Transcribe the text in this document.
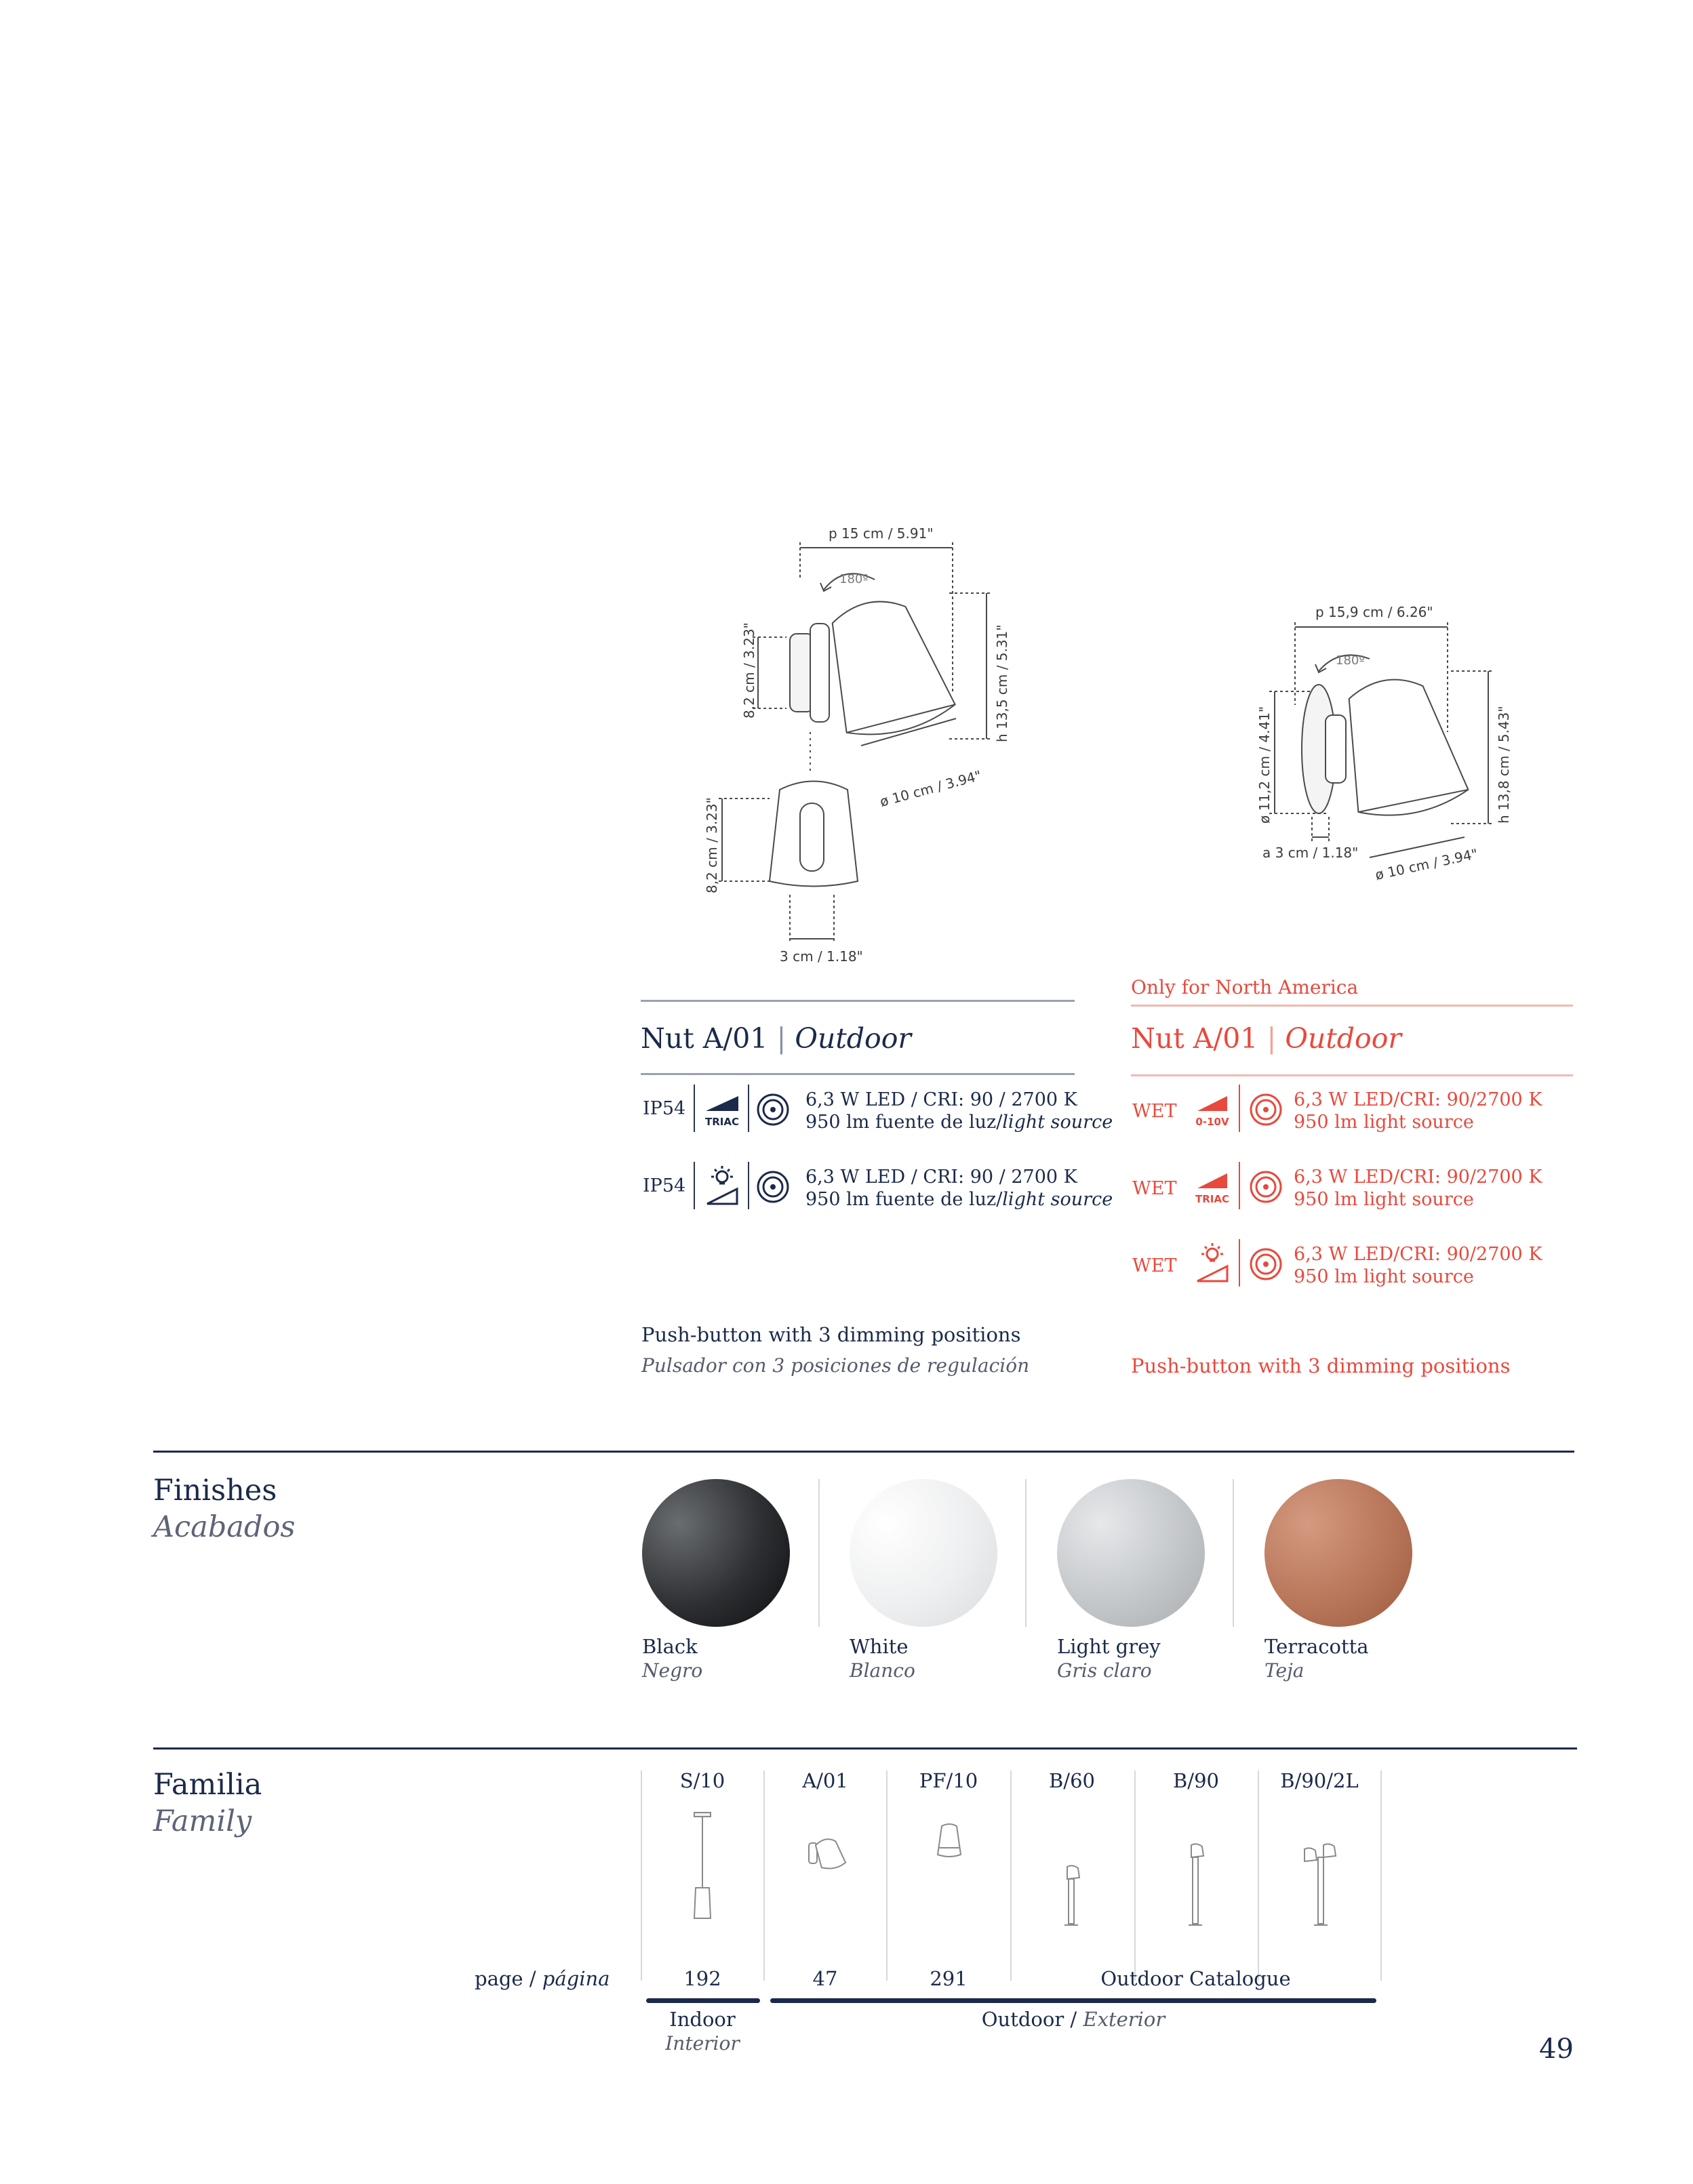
p 15 cm / 5.91"
180º
8,2 cm / 3.23"	h 13,5 cm / 5.31"
ø 10 cm / 3.94"
8,2 cm / 3.23"
3 cm / 1.18"
p 15,9 cm / 6.26"
180º
ø 11,2 cm / 4.41"	h 13,8 cm / 5.43"
a 3 cm / 1.18" ø 10 cm / 3.94"
Nut A/01 | Outdoor
IP54
TRIAC
6,3 W LED / CRI: 90 / 2700 K
950 lm fuente de luz/light source
IP54	6,3 W LED / CRI: 90 / 2700 K
950 lm fuente de luz/light source
Push-button with 3 dimming positions
Pulsador con 3 posiciones de regulación
Only for North America
Nut A/01 | Outdoor
WET 0-10V
6,3 W LED/CRI: 90/2700 K
950 lm light source
WET TRIAC
6,3 W LED/CRI: 90/2700 K
950 lm light source
WET
6,3 W LED/CRI: 90/2700 K
950 lm light source
Push-button with 3 dimming positions
Finishes
Acabados
Black
Negro
White
Blanco
Light grey
Gris claro
Terracotta
Teja
Familia
Family
S/10	A/01	PF/10	B/60	B/90	B/90/2L
page / página	192	47	291	Outdoor Catalogue
Indoor
Interior
Outdoor / Exterior
49
